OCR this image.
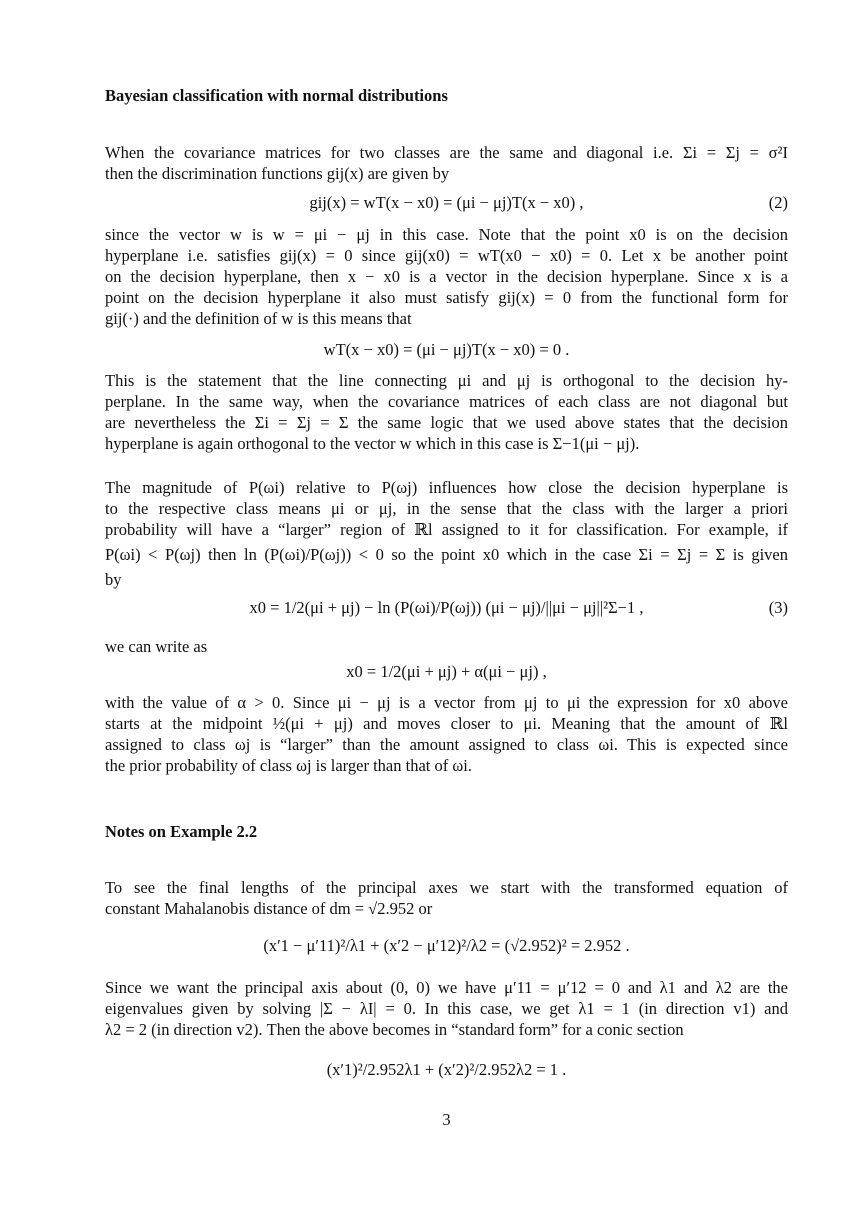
Bayesian classification with normal distributions
When the covariance matrices for two classes are the same and diagonal i.e. Σi = Σj = σ²I
then the discrimination functions gij(x) are given by
gij(x) = wT(x − x0) = (μi − μj)T(x − x0) ,	(2)
since the vector w is w = μi − μj in this case. Note that the point x0 is on the decision
hyperplane i.e. satisfies gij(x) = 0 since gij(x0) = wT(x0 − x0) = 0. Let x be another point
on the decision hyperplane, then x − x0 is a vector in the decision hyperplane. Since x is a
point on the decision hyperplane it also must satisfy gij(x) = 0 from the functional form for
gij(·) and the definition of w is this means that
wT(x − x0) = (μi − μj)T(x − x0) = 0 .
This is the statement that the line connecting μi and μj is orthogonal to the decision hy-
perplane. In the same way, when the covariance matrices of each class are not diagonal but
are nevertheless the Σi = Σj = Σ the same logic that we used above states that the decision
hyperplane is again orthogonal to the vector w which in this case is Σ−1(μi − μj).
The magnitude of P(ωi) relative to P(ωj) influences how close the decision hyperplane is
to the respective class means μi or μj, in the sense that the class with the larger a priori
probability will have a “larger” region of ℝl assigned to it for classification. For example, if
P(ωi) < P(ωj) then ln (P(ωi)/P(ωj)) < 0 so the point x0 which in the case Σi = Σj = Σ is given
by
x0 = 1/2(μi + μj) − ln (P(ωi)/P(ωj)) (μi − μj)/||μi − μj||²Σ−1 ,	(3)
we can write as
x0 = 1/2(μi + μj) + α(μi − μj) ,
with the value of α > 0. Since μi − μj is a vector from μj to μi the expression for x0 above
starts at the midpoint ½(μi + μj) and moves closer to μi. Meaning that the amount of ℝl
assigned to class ωj is “larger” than the amount assigned to class ωi. This is expected since
the prior probability of class ωj is larger than that of ωi.
Notes on Example 2.2
To see the final lengths of the principal axes we start with the transformed equation of
constant Mahalanobis distance of dm = √2.952 or
(x′1 − μ′11)²/λ1 + (x′2 − μ′12)²/λ2 = (√2.952)² = 2.952 .
Since we want the principal axis about (0, 0) we have μ′11 = μ′12 = 0 and λ1 and λ2 are the
eigenvalues given by solving |Σ − λI| = 0. In this case, we get λ1 = 1 (in direction v1) and
λ2 = 2 (in direction v2). Then the above becomes in “standard form” for a conic section
(x′1)²/2.952λ1 + (x′2)²/2.952λ2 = 1 .
3
